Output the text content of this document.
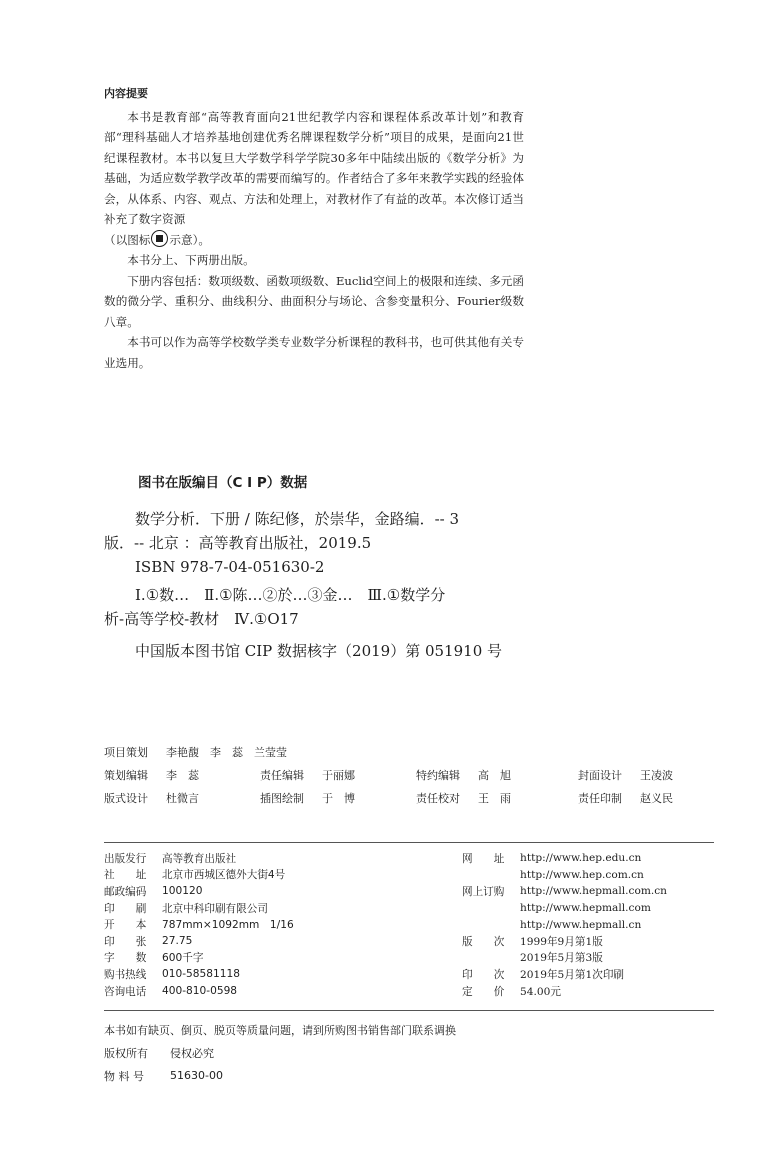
内容提要

本书是教育部“高等教育面向21世纪教学内容和课程体系改革计划”和教育部“理科基础人才培养基地创建优秀名牌课程数学分析”项目的成果，是面向21世纪课程教材。本书以复旦大学数学科学学院30多年中陆续出版的《数学分析》为基础，为适应数学教学改革的需要而编写的。作者结合了多年来教学实践的经验体会，从体系、内容、观点、方法和处理上，对教材作了有益的改革。本次修订适当补充了数字资源

（以图标 示意）。

本书分上、下两册出版。

下册内容包括：数项级数、函数项级数、Euclid空间上的极限和连续、多元函数的微分学、重积分、曲线积分、曲面积分与场论、含参变量积分、Fourier级数八章。

本书可以作为高等学校数学类专业数学分析课程的教科书，也可供其他有关专业选用。

图书在版编目（C I P）数据
数学分析．下册 / 陈纪修，於崇华，金路编．-- 3
版．-- 北京 ：高等教育出版社，2019.5
ISBN 978-7-04-051630-2
Ⅰ.①数…　Ⅱ.①陈…②於…③金…　Ⅲ.①数学分
析-高等学校-教材　Ⅳ.①O17
中国版本图书馆 CIP 数据核字（2019）第 051910 号
项目策划	李艳馥　李　蕊　兰莹莹
策划编辑	李　蕊	责任编辑	于丽娜	特约编辑	高　旭	封面设计	王凌波
版式设计	杜微言	插图绘制	于　博	责任校对	王　雨	责任印制	赵义民
出版发行	高等教育出版社	网　　址	http://www.hep.edu.cn
社　　址	北京市西城区德外大街4号	http://www.hep.com.cn
邮政编码	100120	网上订购	http://www.hepmall.com.cn
印　　刷	北京中科印刷有限公司	http://www.hepmall.com
开　　本	787mm×1092mm　1/16	http://www.hepmall.cn
印　　张	27.75	版　　次	1999年9月第1版
字　　数	600千字	2019年5月第3版
购书热线	010-58581118	印　　次	2019年5月第1次印刷
咨询电话	400-810-0598	定　　价	54.00元
本书如有缺页、倒页、脱页等质量问题，请到所购图书销售部门联系调换
版权所有	侵权必究
物 料 号	51630-00
